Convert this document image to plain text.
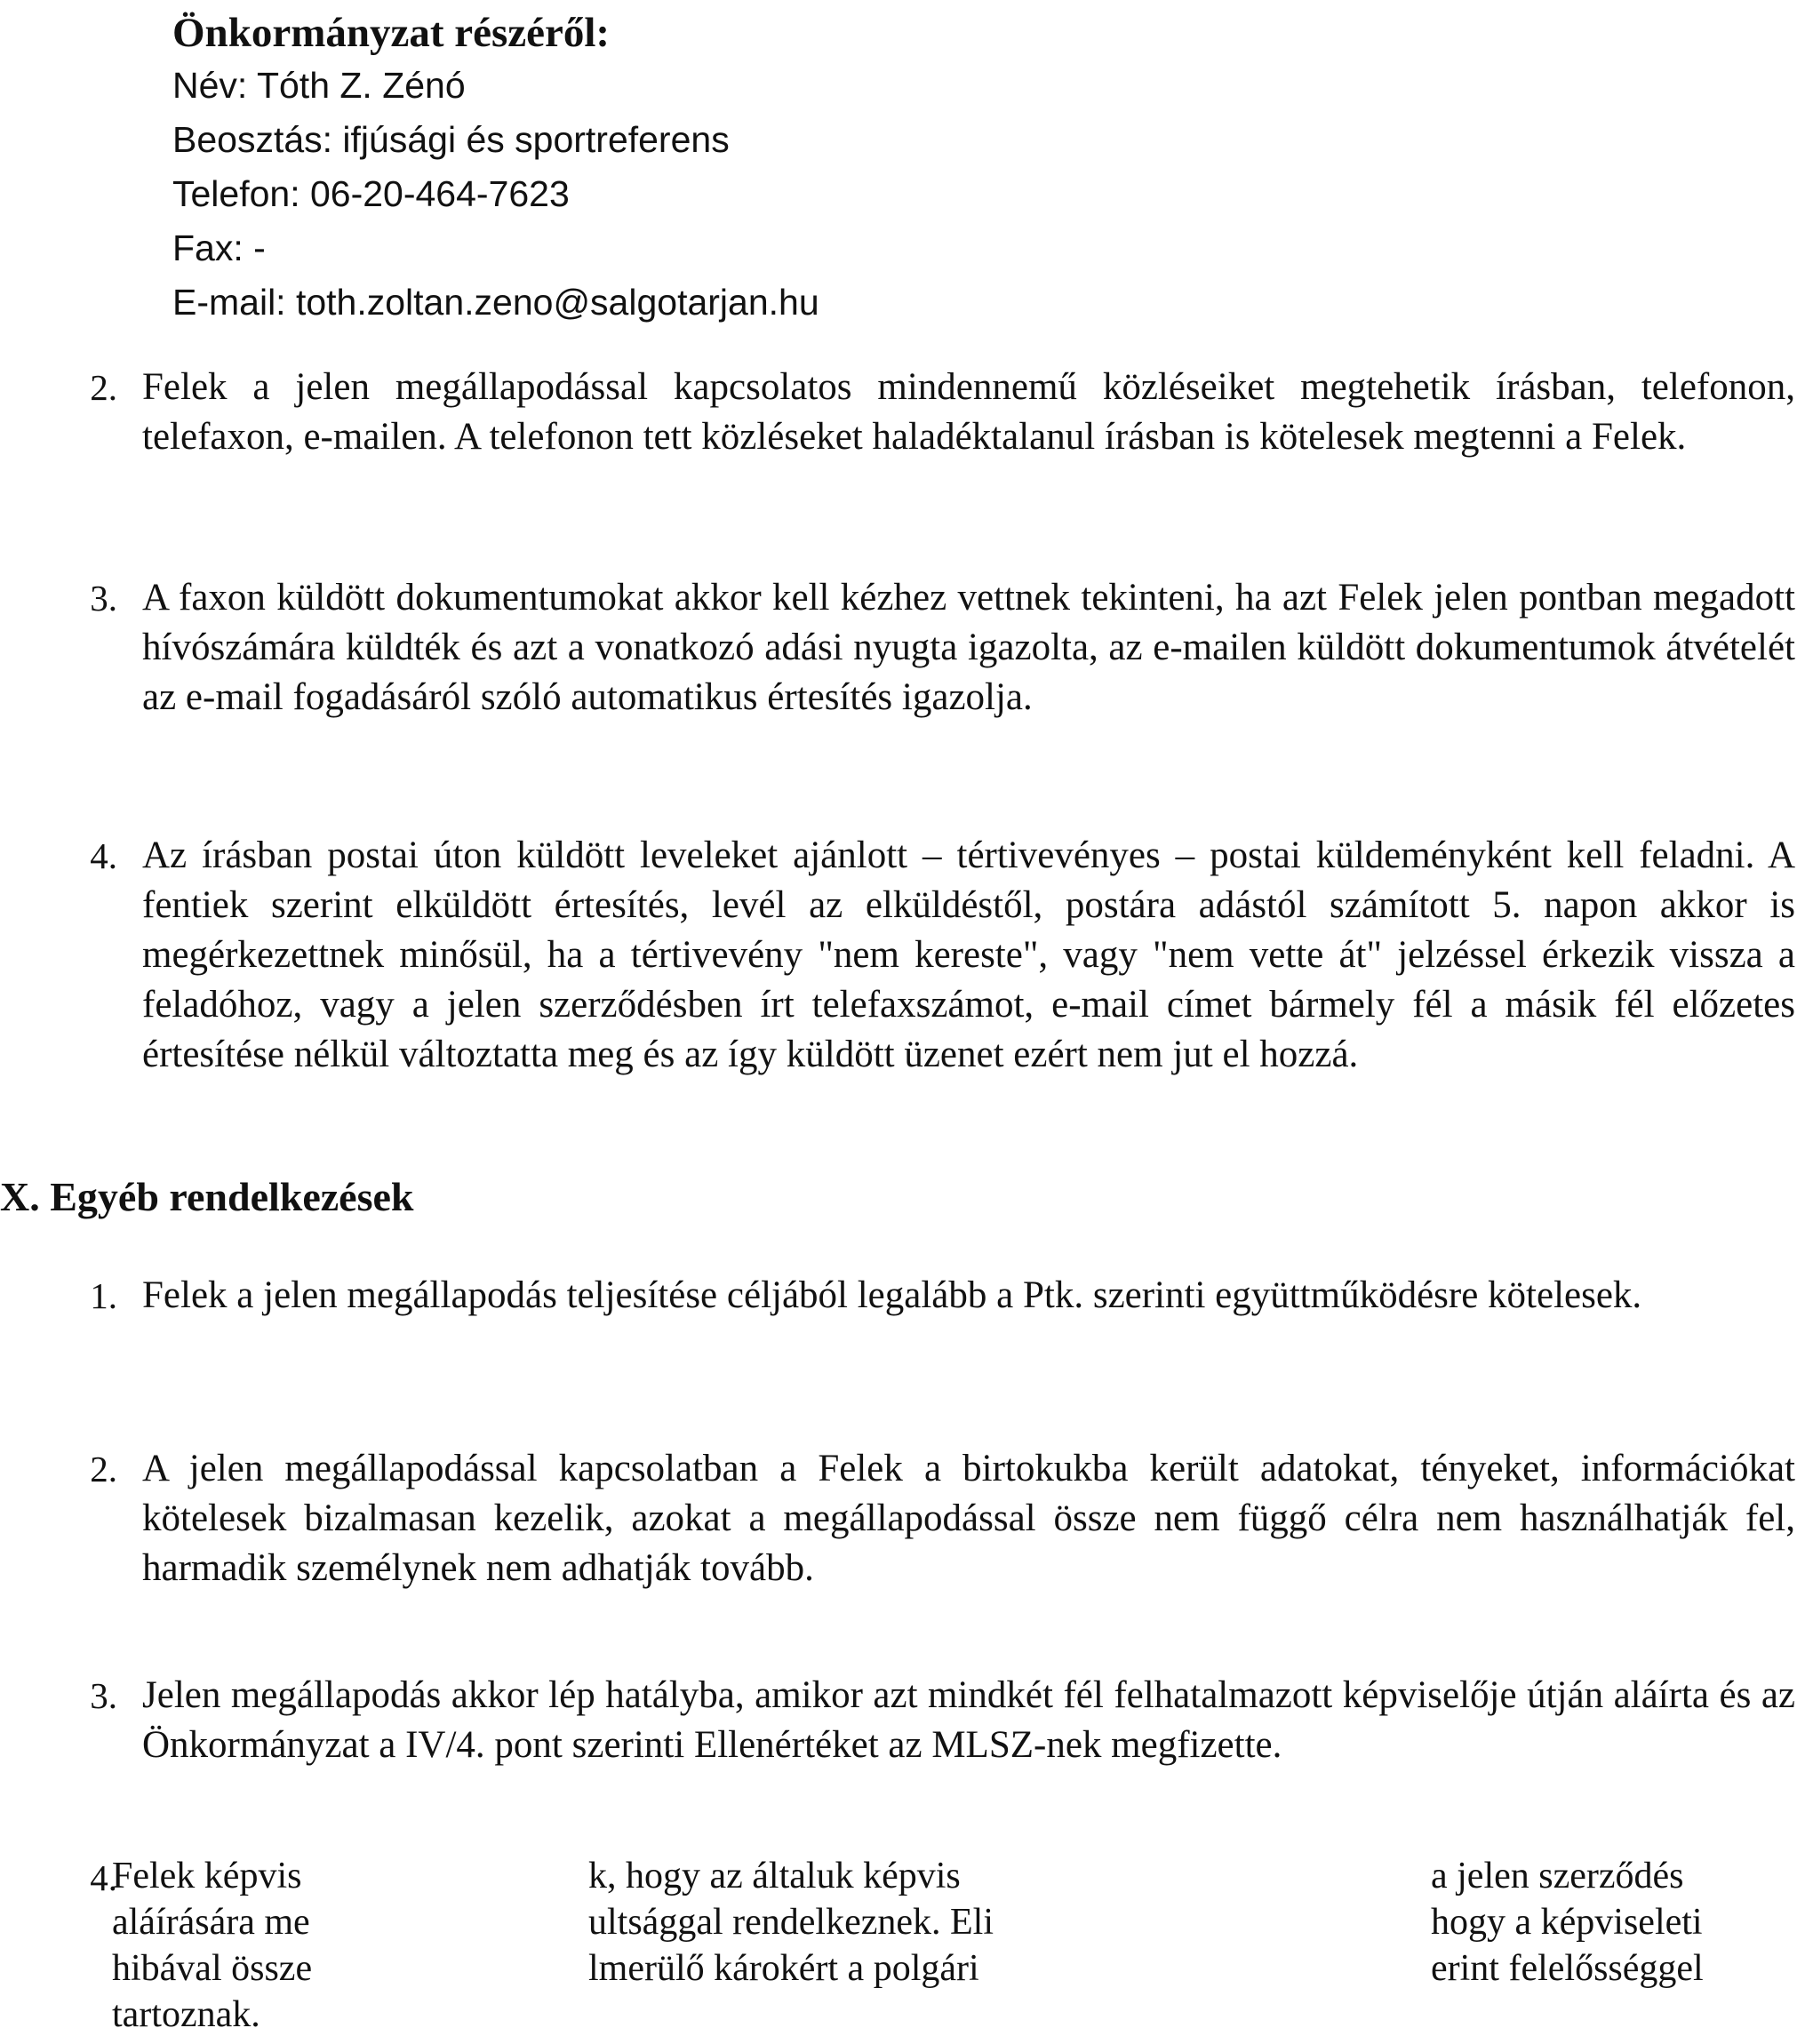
Önkormányzat részéről:
Név: Tóth Z. Zénó
Beosztás: ifjúsági és sportreferens
Telefon: 06-20-464-7623
Fax: -
E-mail: toth.zoltan.zeno@salgotarjan.hu
2. Felek a jelen megállapodással kapcsolatos mindennemű közléseiket megtehetik írásban, telefonon, telefaxon, e-mailen. A telefonon tett közléseket haladéktalanul írásban is kötelesek megtenni a Felek.
3. A faxon küldött dokumentumokat akkor kell kézhez vettnek tekinteni, ha azt Felek jelen pontban megadott hívószámára küldték és azt a vonatkozó adási nyugta igazolta, az e-mailen küldött dokumentumok átvételét az e-mail fogadásáról szóló automatikus értesítés igazolja.
4. Az írásban postai úton küldött leveleket ajánlott – tértivevényes – postai küldeményként kell feladni. A fentiek szerint elküldött értesítés, levél az elküldéstől, postára adástól számított 5. napon akkor is megérkezettnek minősül, ha a tértivevény "nem kereste", vagy "nem vette át" jelzéssel érkezik vissza a feladóhoz, vagy a jelen szerződésben írt telefaxszámot, e-mail címet bármely fél a másik fél előzetes értesítése nélkül változtatta meg és az így küldött üzenet ezért nem jut el hozzá.
X. Egyéb rendelkezések
1. Felek a jelen megállapodás teljesítése céljából legalább a Ptk. szerinti együttműködésre kötelesek.
2. A jelen megállapodással kapcsolatban a Felek a birtokukba került adatokat, tényeket, információkat kötelesek bizalmasan kezelik, azokat a megállapodással össze nem függő célra nem használhatják fel, harmadik személynek nem adhatják tovább.
3. Jelen megállapodás akkor lép hatályba, amikor azt mindkét fél felhatalmazott képviselője útján aláírta és az Önkormányzat a IV/4. pont szerinti Ellenértéket az MLSZ-nek megfizette.
4.
Felek képvis
aláírására me
hibával össze
tartoznak.
k, hogy az általuk képvis
ultsággal rendelkeznek. Eli
lmerülő károkért a polgári
a jelen szerződés
hogy a képviseleti
erint felelősséggel
